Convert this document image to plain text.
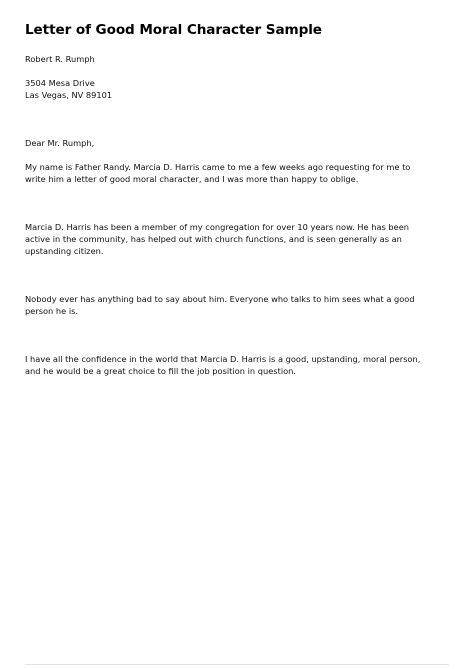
Letter of Good Moral Character Sample
Robert R. Rumph
3504 Mesa Drive
Las Vegas, NV 89101
Dear Mr. Rumph,
My name is Father Randy. Marcia D. Harris came to me a few weeks ago requesting for me to
write him a letter of good moral character, and I was more than happy to oblige.
Marcia D. Harris has been a member of my congregation for over 10 years now. He has been
active in the community, has helped out with church functions, and is seen generally as an
upstanding citizen.
Nobody ever has anything bad to say about him. Everyone who talks to him sees what a good
person he is.
I have all the confidence in the world that Marcia D. Harris is a good, upstanding, moral person,
and he would be a great choice to fill the job position in question.
